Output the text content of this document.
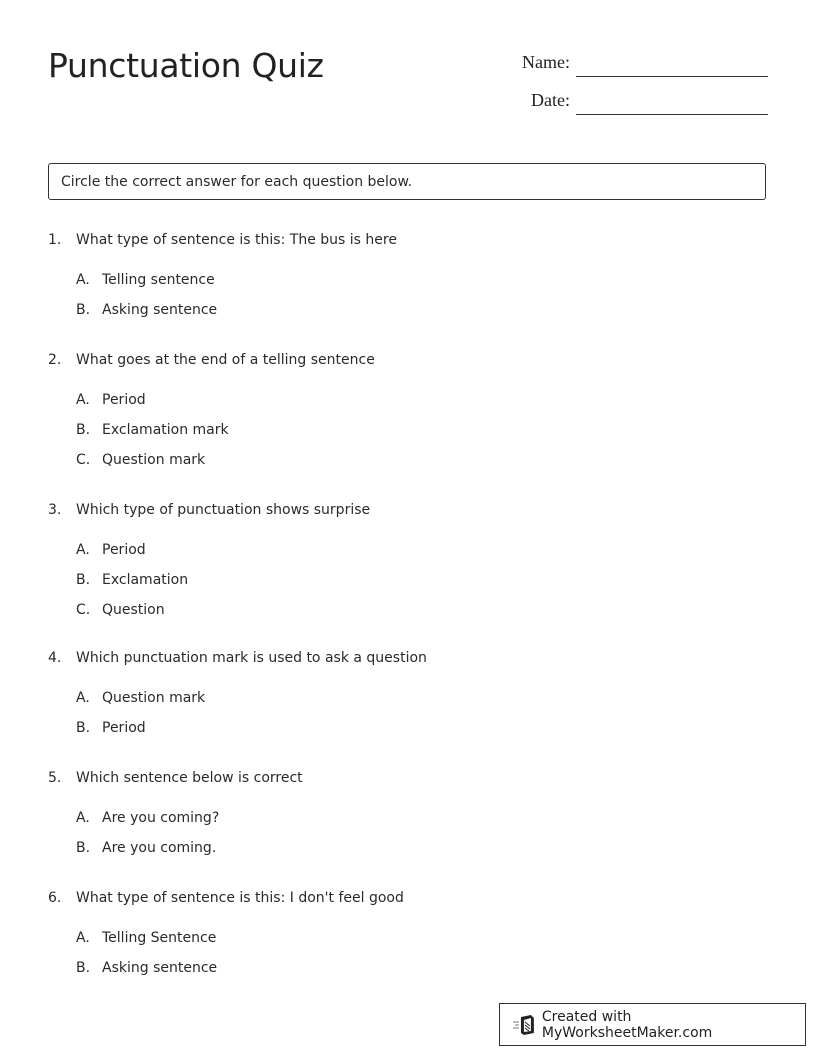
Punctuation Quiz	Name:
Date:
Circle the correct answer for each question below.
1. What type of sentence is this: The bus is here
A. Telling sentence
B. Asking sentence
2. What goes at the end of a telling sentence
A. Period
B. Exclamation mark
C. Question mark
3. Which type of punctuation shows surprise
A. Period
B. Exclamation
C. Question
4. Which punctuation mark is used to ask a question
A. Question mark
B. Period
5. Which sentence below is correct
A. Are you coming?
B. Are you coming.
6. What type of sentence is this: I don't feel good
A. Telling Sentence
B. Asking sentence
Created with MyWorksheetMaker.com
